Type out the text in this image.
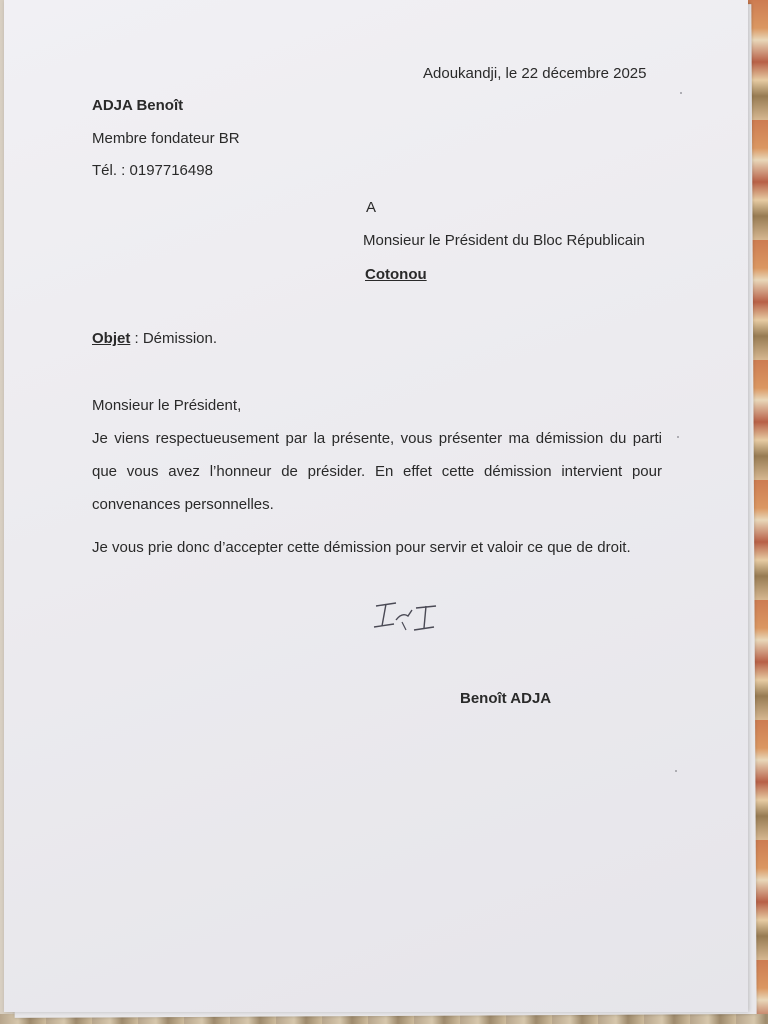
Adoukandji, le 22 décembre 2025
ADJA Benoît
Membre fondateur BR
Tél. : 0197716498
A
Monsieur le Président du Bloc Républicain
Cotonou
Objet : Démission.
Monsieur le Président,
Je viens respectueusement par la présente, vous présenter ma démission du parti que vous avez l’honneur de présider. En effet cette démission intervient pour convenances personnelles.
Je vous prie donc d’accepter cette démission pour servir et valoir ce que de droit.
Benoît ADJA
